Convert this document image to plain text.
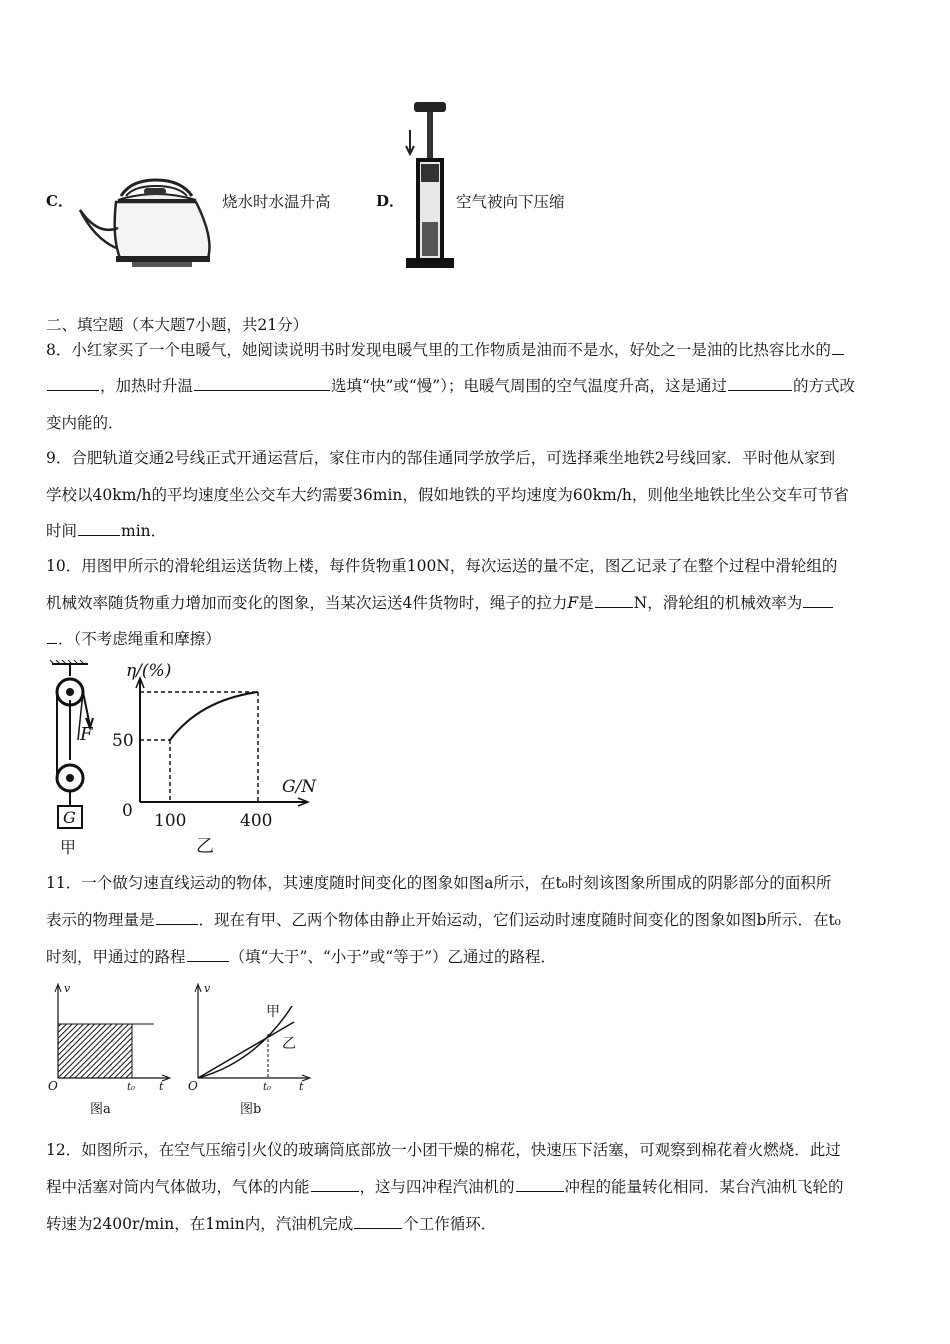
C．	烧水时水温升高	D．	空气被向下压缩
二、填空题（本大题7小题，共21分）
8．小红家买了一个电暖气，她阅读说明书时发现电暖气里的工作物质是油而不是水，好处之一是油的比热容比水的
，加热时升温	选填“快”或“慢”）；电暖气周围的空气温度升高，这是通过	的方式改
变内能的．
9．合肥轨道交通2号线正式开通运营后，家住市内的郜佳通同学放学后，可选择乘坐地铁2号线回家．平时他从家到
学校以40km/h的平均速度坐公交车大约需要36min，假如地铁的平均速度为60km/h，则他坐地铁比坐公交车可节省
时间	min．
10．用图甲所示的滑轮组运送货物上楼，每件货物重100N，每次运送的量不定，图乙记录了在整个过程中滑轮组的
机械效率随货物重力增加而变化的图象，当某次运送4件货物时，绳子的拉力F是	N，滑轮组的机械效率为
．（不考虑绳重和摩擦）
F
G
甲
η/(%)
G/N
50
0 100	400
乙
11．一个做匀速直线运动的物体，其速度随时间变化的图象如图a所示，在t₀时刻该图象所围成的阴影部分的面积所
表示的物理量是	．现在有甲、乙两个物体由静止开始运动，它们运动时速度随时间变化的图象如图b所示．在t₀
时刻，甲通过的路程	（填“大于”、“小于”或“等于”）乙通过的路程．
v
O	t₀ t
图a
v
O	t₀	t
甲
乙
图b
12．如图所示，在空气压缩引火仪的玻璃筒底部放一小团干燥的棉花，快速压下活塞，可观察到棉花着火燃烧．此过
程中活塞对筒内气体做功，气体的内能	，这与四冲程汽油机的	冲程的能量转化相同．某台汽油机飞轮的
转速为2400r/min，在1min内，汽油机完成	个工作循环．
